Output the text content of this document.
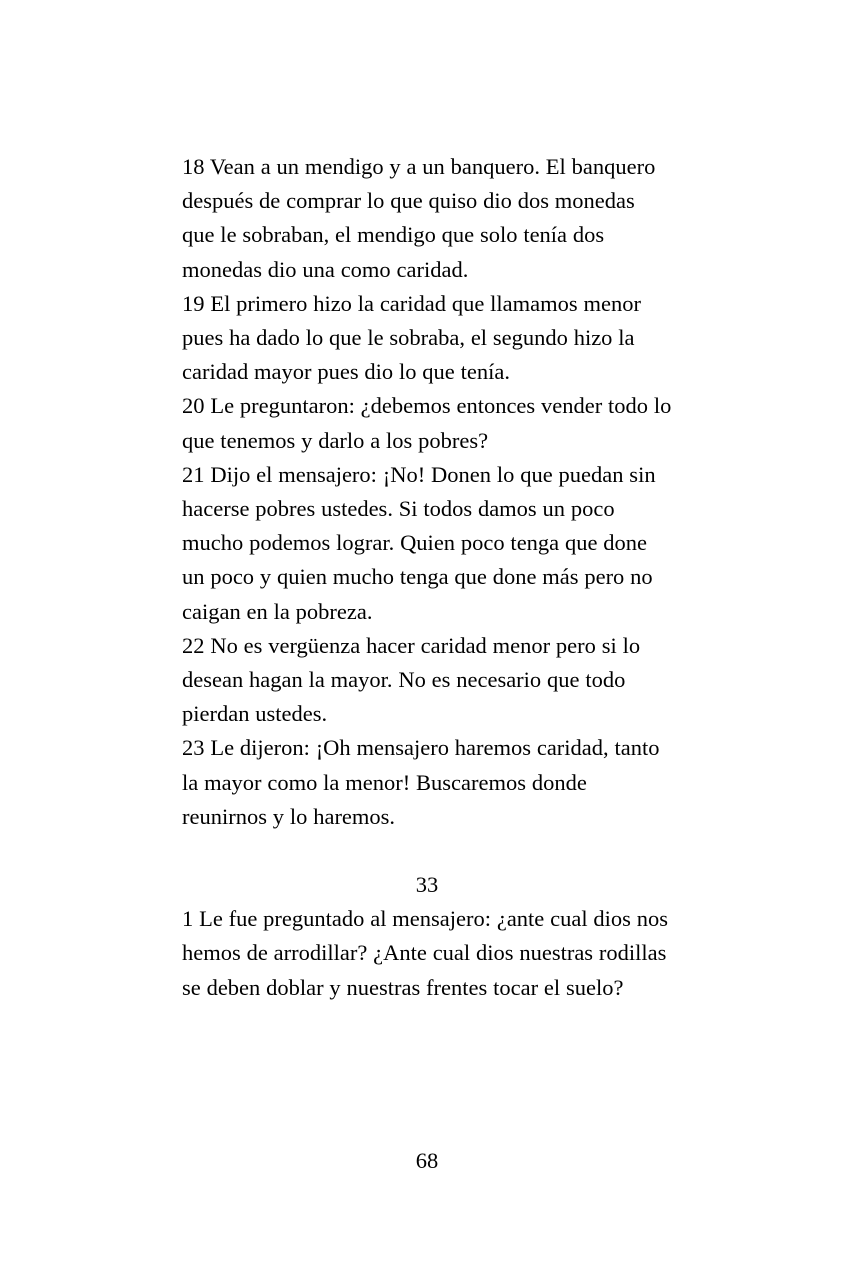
18 Vean a un mendigo y a un banquero. El banquero después de comprar lo que quiso dio dos monedas que le sobraban, el mendigo que solo tenía dos monedas dio una como caridad.

19 El primero hizo la caridad que llamamos menor pues ha dado lo que le sobraba, el segundo hizo la caridad mayor pues dio lo que tenía.

20 Le preguntaron: ¿debemos entonces vender todo lo que tenemos y darlo a los pobres?

21 Dijo el mensajero: ¡No! Donen lo que puedan sin hacerse pobres ustedes. Si todos damos un poco mucho podemos lograr. Quien poco tenga que done un poco y quien mucho tenga que done más pero no caigan en la pobreza.

22 No es vergüenza hacer caridad menor pero si lo desean hagan la mayor. No es necesario que todo pierdan ustedes.

23 Le dijeron: ¡Oh mensajero haremos caridad, tanto la mayor como la menor! Buscaremos donde reunirnos y lo haremos.

33

1 Le fue preguntado al mensajero: ¿ante cual dios nos hemos de arrodillar? ¿Ante cual dios nuestras rodillas se deben doblar y nuestras frentes tocar el suelo?

68
